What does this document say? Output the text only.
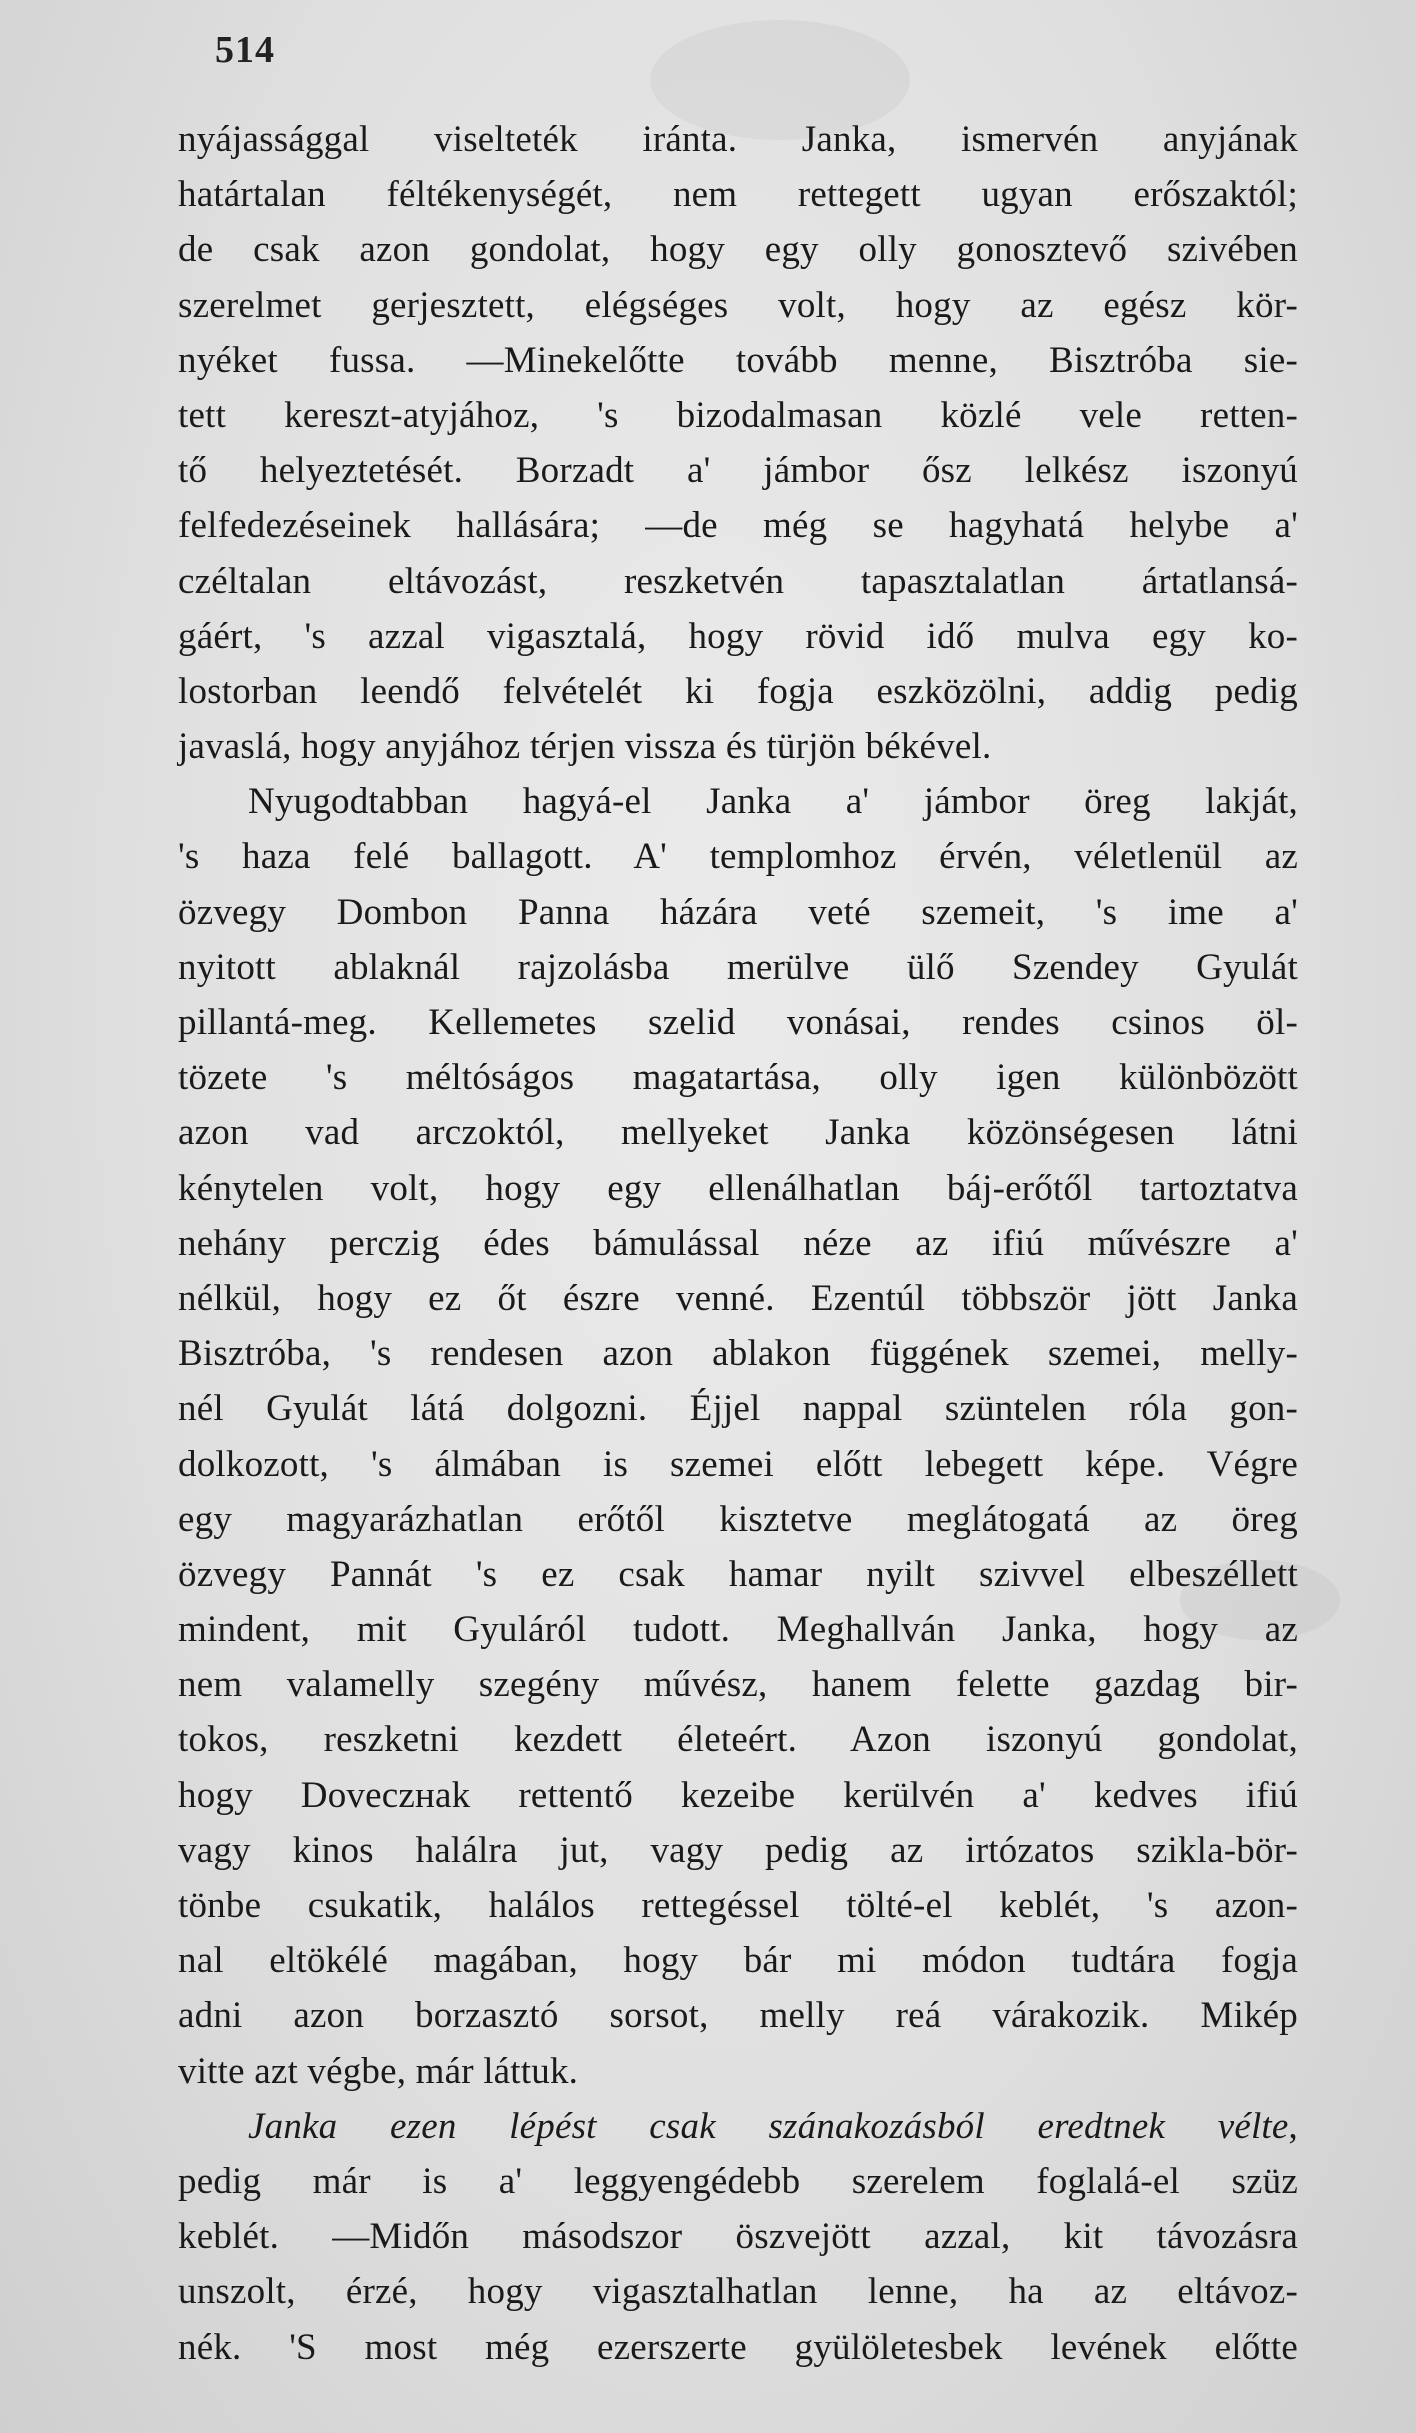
514
nyájassággal viselteték iránta. Janka, ismervén anyjának
határtalan féltékenységét, nem rettegett ugyan erőszaktól;
de csak azon gondolat, hogy egy olly gonosztevő szivében
szerelmet gerjesztett, elégséges volt, hogy az egész kör-
nyéket fussa. —Minekelőtte tovább menne, Bisztróba sie-
tett kereszt-atyjához, 's bizodalmasan közlé vele retten-
tő helyeztetését. Borzadt a' jámbor ősz lelkész iszonyú
felfedezéseinek hallására; —de még se hagyhatá helybe a'
czéltalan eltávozást, reszketvén tapasztalatlan ártatlansá-
gáért, 's azzal vigasztalá, hogy rövid idő mulva egy ko-
lostorban leendő felvételét ki fogja eszközölni, addig pedig
javaslá, hogy anyjához térjen vissza és türjön békével.
Nyugodtabban hagyá-el Janka a' jámbor öreg lakját,
's haza felé ballagott. A' templomhoz érvén, véletlenül az
özvegy Dombon Panna házára veté szemeit, 's ime a'
nyitott ablaknál rajzolásba merülve ülő Szendey Gyulát
pillantá-meg. Kellemetes szelid vonásai, rendes csinos öl-
tözete 's méltóságos magatartása, olly igen különbözött
azon vad arczoktól, mellyeket Janka közönségesen látni
kénytelen volt, hogy egy ellenálhatlan báj-erőtől tartoztatva
nehány perczig édes bámulással néze az ifiú művészre a'
nélkül, hogy ez őt észre venné. Ezentúl többször jött Janka
Bisztróba, 's rendesen azon ablakon függének szemei, melly-
nél Gyulát látá dolgozni. Éjjel nappal szüntelen róla gon-
dolkozott, 's álmában is szemei előtt lebegett képe. Végre
egy magyarázhatlan erőtől kisztetve meglátogatá az öreg
özvegy Pannát 's ez csak hamar nyilt szivvel elbeszéllett
mindent, mit Gyuláról tudott. Meghallván Janka, hogy az
nem valamelly szegény művész, hanem felette gazdag bir-
tokos, reszketni kezdett életeért. Azon iszonyú gondolat,
hogy Doveczнak rettentő kezeibe kerülvén a' kedves ifiú
vagy kinos halálra jut, vagy pedig az irtózatos szikla-bör-
tönbe csukatik, halálos rettegéssel tölté-el keblét, 's azon-
nal eltökélé magában, hogy bár mi módon tudtára fogja
adni azon borzasztó sorsot, melly reá várakozik. Mikép
vitte azt végbe, már láttuk.
Janka ezen lépést csak szánakozásból eredtnek vélte,
pedig már is a' leggyengédebb szerelem foglalá-el szüz
keblét. —Midőn másodszor öszvejött azzal, kit távozásra
unszolt, érzé, hogy vigasztalhatlan lenne, ha az eltávoz-
nék. 'S most még ezerszerte gyülöletesbek levének előtte
